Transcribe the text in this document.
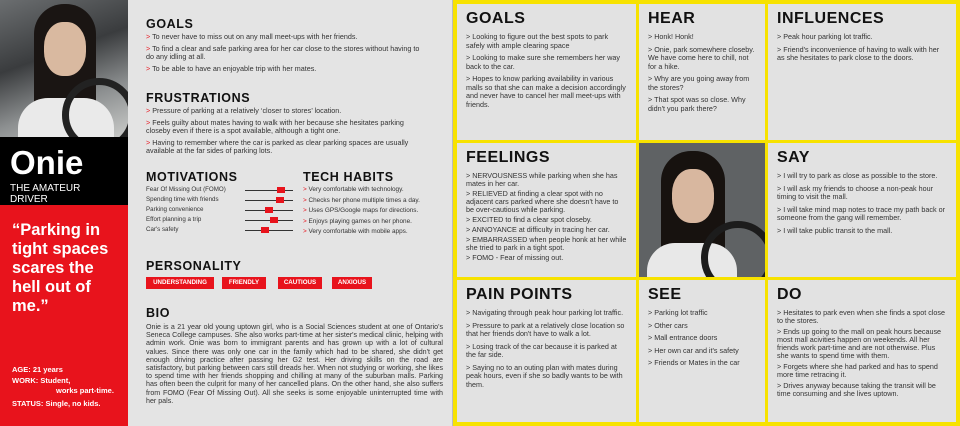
Onie
THE AMATEUR DRIVER
“Parking in tight spaces scares the hell out of me.”
AGE: 21 years
WORK: Student,
works part-time.
STATUS: Single, no kids.
GOALS
> To never have to miss out on any mall meet-ups with her friends.
> To find a clear and safe parking area for her car close to the stores without having to do any idling at all.
> To be able to have an enjoyable trip with her mates.
FRUSTRATIONS
> Pressure of parking at a relatively ‘closer to stores’ location.
> Feels guilty about mates having to walk with her because she hesitates parking closeby even if there is a spot available, although a tight one.
> Having to remember where the car is parked as clear parking spaces are usually available at the far sides of parking lots.
MOTIVATIONS
Fear Of Missing Out (FOMO)
Spending time with friends
Parking convenience
Effort planning a trip
Car's safety
TECH HABITS
> Very comfortable with technology.
> Checks her phone multiple times a day.
> Uses GPS/Google maps for directions.
> Enjoys playing games on her phone.
> Very comfortable with mobile apps.
PERSONALITY
UNDERSTANDING	FRIENDLY	CAUTIOUS	ANXIOUS
BIO
Onie is a 21 year old young uptown girl, who is a Social Sciences student at one of Ontario's Seneca College campuses. She also works part-time at her sister's medical clinic, helping with admin work. Onie was born to immigrant parents and has grown up with a lot of cultural values. Since there was only one car in the family which had to be shared, she didn't get enough driving practice after passing her G2 test. Her driving skills on the road are satisfactory, but parking between cars still dreads her. When not studying or working, she likes to spend time with her friends shopping and chilling at many of the suburban malls. Parking has often been the culprit for many of her cancelled plans. On the other hand, she also suffers from FOMO (Fear Of Missing Out). All she seeks is some enjoyable uninterrupted time with her pals.
GOALS
> Looking to figure out the best spots to park safely with ample clearing space
> Looking to make sure she remembers her way back to the car.
> Hopes to know parking availability in various malls so that she can make a decision accordingly and never have to cancel her mall meet-ups with friends.
HEAR
> Honk! Honk!
> Onie, park somewhere closeby. We have come here to chill, not for a hike.
> Why are you going away from the stores?
> That spot was so close. Why didn't you park there?
INFLUENCES
> Peak hour parking lot traffic.
> Friend's inconvenience of having to walk with her as she hesitates to park close to the doors.
FEELINGS
> NERVOUSNESS while parking when she has mates in her car.
> RELIEVED at finding a clear spot with no adjacent cars parked where she doesn't have to be over-cautious while parking.
> EXCITED to find a clear spot closeby.
> ANNOYANCE at difficulty in tracing her car.
> EMBARRASSED when people honk at her while she tried to park in a tight spot.
> FOMO - Fear of missing out.
SAY
> I will try to park as close as possible to the store.
> I will ask my friends to choose a non-peak hour timing to visit the mall.
> I will take mind map notes to trace my path back or someone from the gang will remember.
> I will take public transit to the mall.
PAIN POINTS
> Navigating through peak hour parking lot traffic.
> Pressure to park at a relatively close location so that her friends don't have to walk a lot.
> Losing track of the car because it is parked at the far side.
> Saying no to an outing plan with mates during peak hours, even if she so badly wants to be with them.
SEE
> Parking lot traffic
> Other cars
> Mall entrance doors
> Her own car and it's safety
> Friends or Mates in the car
DO
> Hesitates to park even when she finds a spot close to the stores.
> Ends up going to the mall on peak hours because most mall acivities happen on weekends. All her friends work part-time and are not otherwise. Plus she wants to spend time with them.
> Forgets where she had parked and has to spend more time retracing it.
> Drives anyway because taking the transit will be time consuming and she lives uptown.
